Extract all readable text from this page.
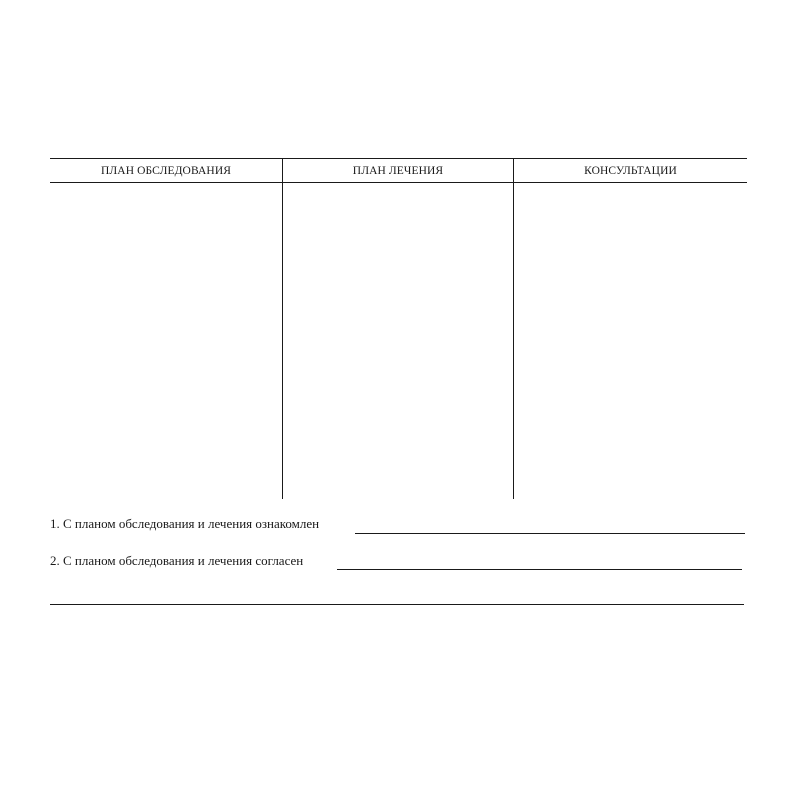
ПЛАН ОБСЛЕДОВАНИЯ	ПЛАН ЛЕЧЕНИЯ	КОНСУЛЬТАЦИИ
1. С планом обследования и лечения ознакомлен
2. С планом обследования и лечения согласен
